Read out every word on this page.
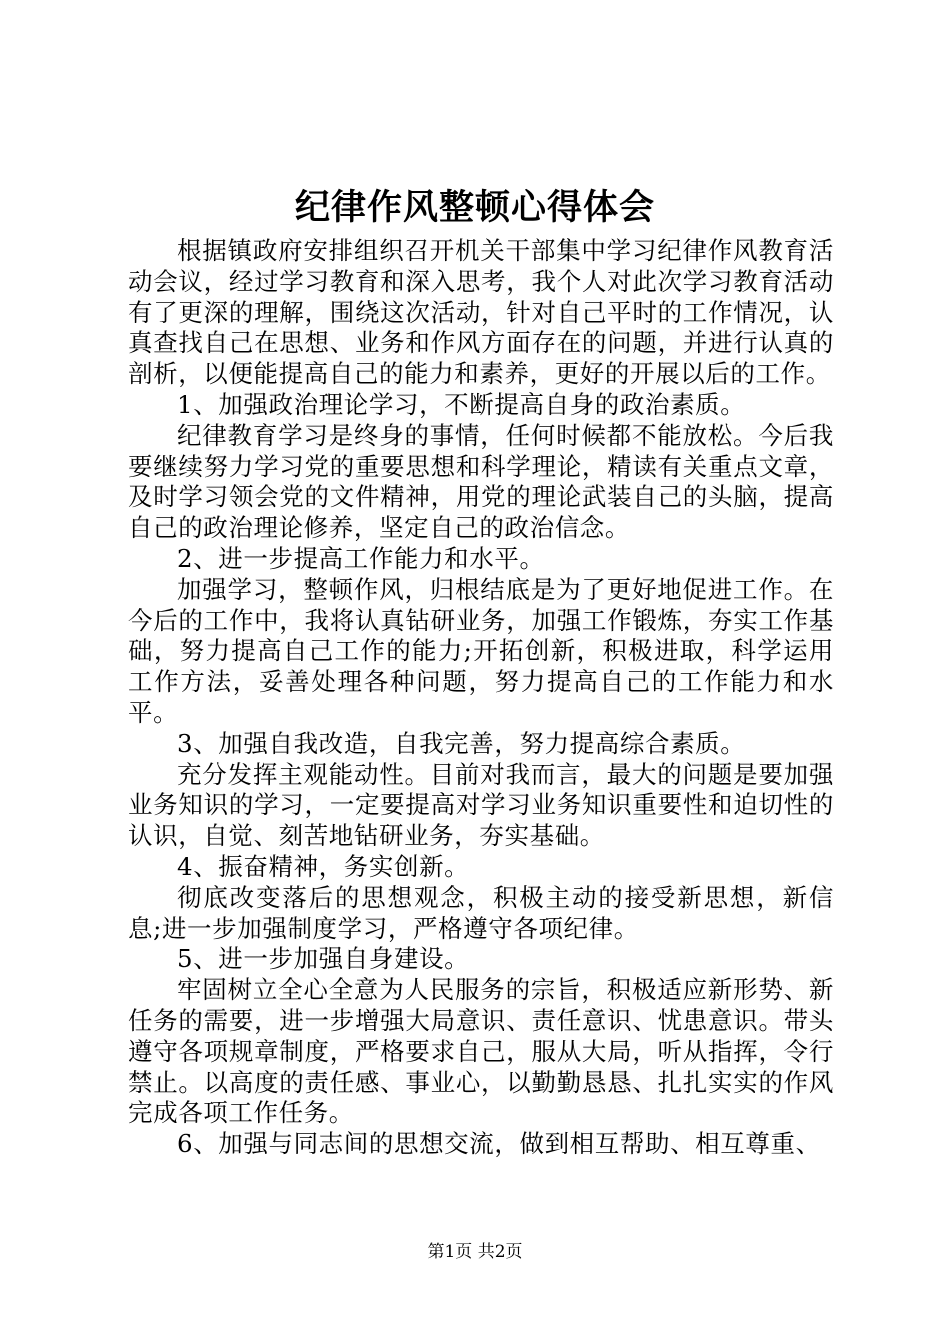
纪律作风整顿心得体会

根据镇政府安排组织召开机关干部集中学习纪律作风教育活动会议，经过学习教育和深入思考，我个人对此次学习教育活动有了更深的理解，围绕这次活动，针对自己平时的工作情况，认真查找自己在思想、业务和作风方面存在的问题，并进行认真的剖析，以便能提高自己的能力和素养，更好的开展以后的工作。

1、加强政治理论学习，不断提高自身的政治素质。

纪律教育学习是终身的事情，任何时候都不能放松。今后我要继续努力学习党的重要思想和科学理论，精读有关重点文章，及时学习领会党的文件精神，用党的理论武装自己的头脑，提高自己的政治理论修养，坚定自己的政治信念。

2、进一步提高工作能力和水平。

加强学习，整顿作风，归根结底是为了更好地促进工作。在今后的工作中，我将认真钻研业务，加强工作锻炼，夯实工作基础，努力提高自己工作的能力;开拓创新，积极进取，科学运用工作方法，妥善处理各种问题，努力提高自己的工作能力和水平。

3、加强自我改造，自我完善，努力提高综合素质。

充分发挥主观能动性。目前对我而言，最大的问题是要加强业务知识的学习，一定要提高对学习业务知识重要性和迫切性的认识，自觉、刻苦地钻研业务，夯实基础。

4、振奋精神，务实创新。

彻底改变落后的思想观念，积极主动的接受新思想，新信息;进一步加强制度学习，严格遵守各项纪律。

5、进一步加强自身建设。

牢固树立全心全意为人民服务的宗旨，积极适应新形势、新任务的需要，进一步增强大局意识、责任意识、忧患意识。带头遵守各项规章制度，严格要求自己，服从大局，听从指挥，令行禁止。以高度的责任感、事业心，以勤勤恳恳、扎扎实实的作风完成各项工作任务。

6、加强与同志间的思想交流，做到相互帮助、相互尊重、

第1页 共2页
